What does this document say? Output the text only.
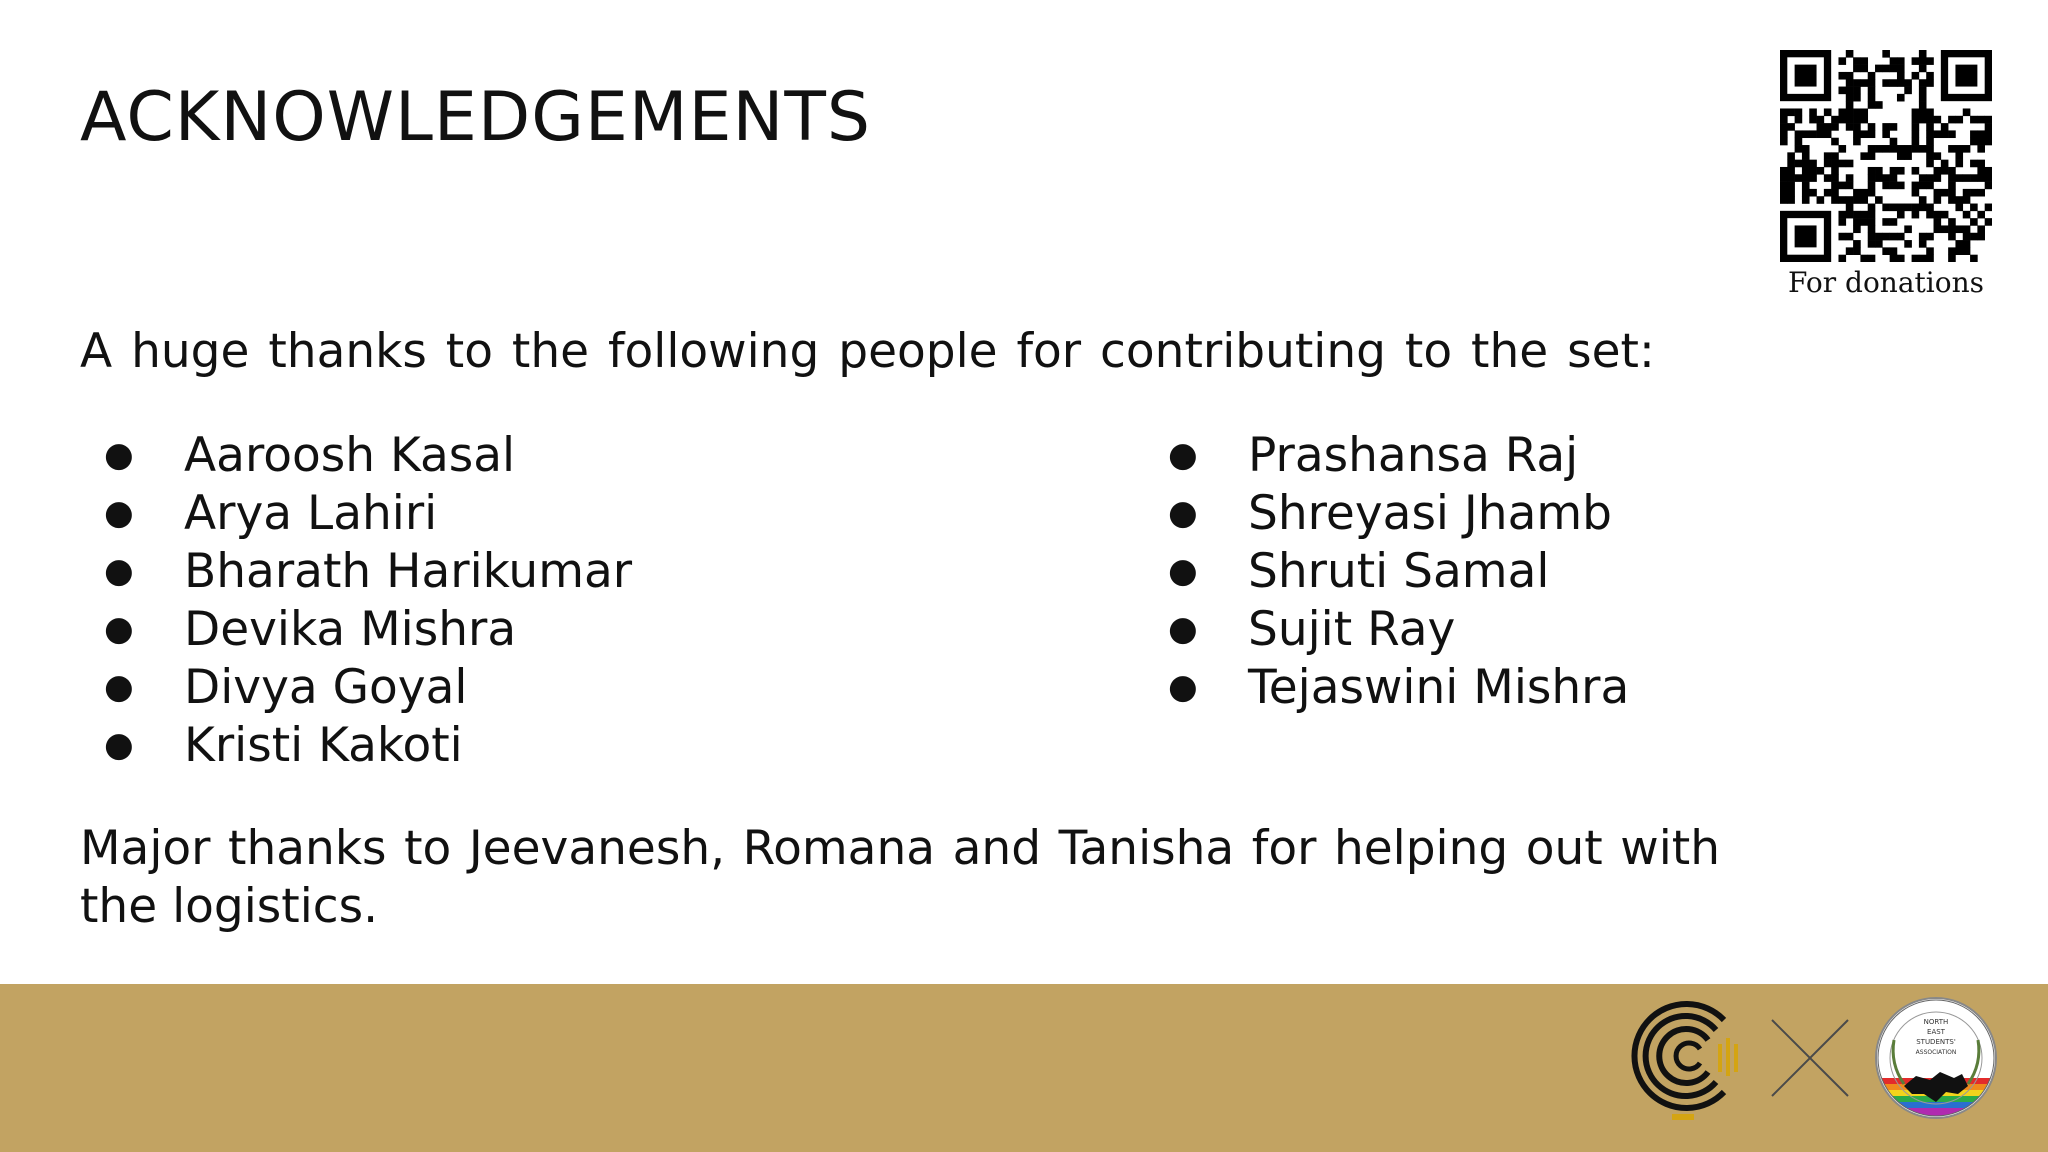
ACKNOWLEDGEMENTS
For donations

A huge thanks to the following people for contributing to the set:

●	Aaroosh Kasal
●	Arya Lahiri
●	Bharath Harikumar
●	Devika Mishra
●	Divya Goyal
●	Kristi Kakoti
●	Prashansa Raj
●	Shreyasi Jhamb
●	Shruti Samal
●	Sujit Ray
●	Tejaswini Mishra

Major thanks to Jeevanesh, Romana and Tanisha for helping out with the logistics.

NORTH
EAST
STUDENTS'
ASSOCIATION
